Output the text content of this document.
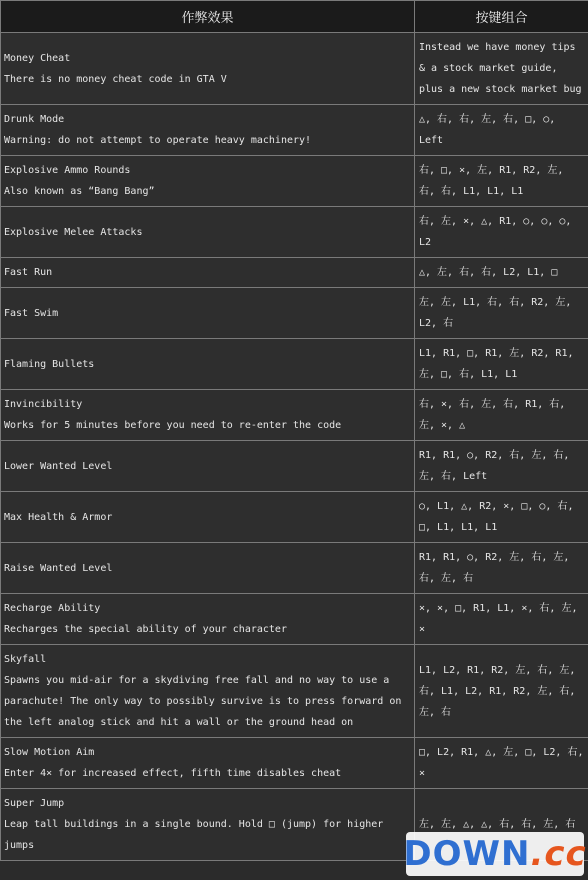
作弊效果	按键组合

Money Cheat
There is no money cheat code in GTA V	Instead we have money tips & a stock market guide, plus a new stock market bug

Drunk Mode
Warning: do not attempt to operate heavy machinery!	△, 右, 右, 左, 右, □, ○, Left

Explosive Ammo Rounds
Also known as “Bang Bang”	右, □, ×, 左, R1, R2, 左, 右, 右, L1, L1, L1

Explosive Melee Attacks	右, 左, ×, △, R1, ○, ○, ○, L2

Fast Run	△, 左, 右, 右, L2, L1, □

Fast Swim	左, 左, L1, 右, 右, R2, 左, L2, 右

Flaming Bullets	L1, R1, □, R1, 左, R2, R1, 左, □, 右, L1, L1

Invincibility
Works for 5 minutes before you need to re-enter the code	右, ×, 右, 左, 右, R1, 右, 左, ×, △

Lower Wanted Level	R1, R1, ○, R2, 右, 左, 右, 左, 右, Left

Max Health & Armor	○, L1, △, R2, ×, □, ○, 右, □, L1, L1, L1

Raise Wanted Level	R1, R1, ○, R2, 左, 右, 左, 右, 左, 右

Recharge Ability
Recharges the special ability of your character	×, ×, □, R1, L1, ×, 右, 左, ×

Skyfall
Spawns you mid-air for a skydiving free fall and no way to use a parachute! The only way to possibly survive is to press forward on the left analog stick and hit a wall or the ground head on	L1, L2, R1, R2, 左, 右, 左, 右, L1, L2, R1, R2, 左, 右, 左, 右

Slow Motion Aim
Enter 4× for increased effect, fifth time disables cheat	□, L2, R1, △, 左, □, L2, 右, ×

Super Jump
Leap tall buildings in a single bound. Hold □ (jump) for higher jumps	左, 左, △, △, 右, 右, 左, 右
DOWN .cc
